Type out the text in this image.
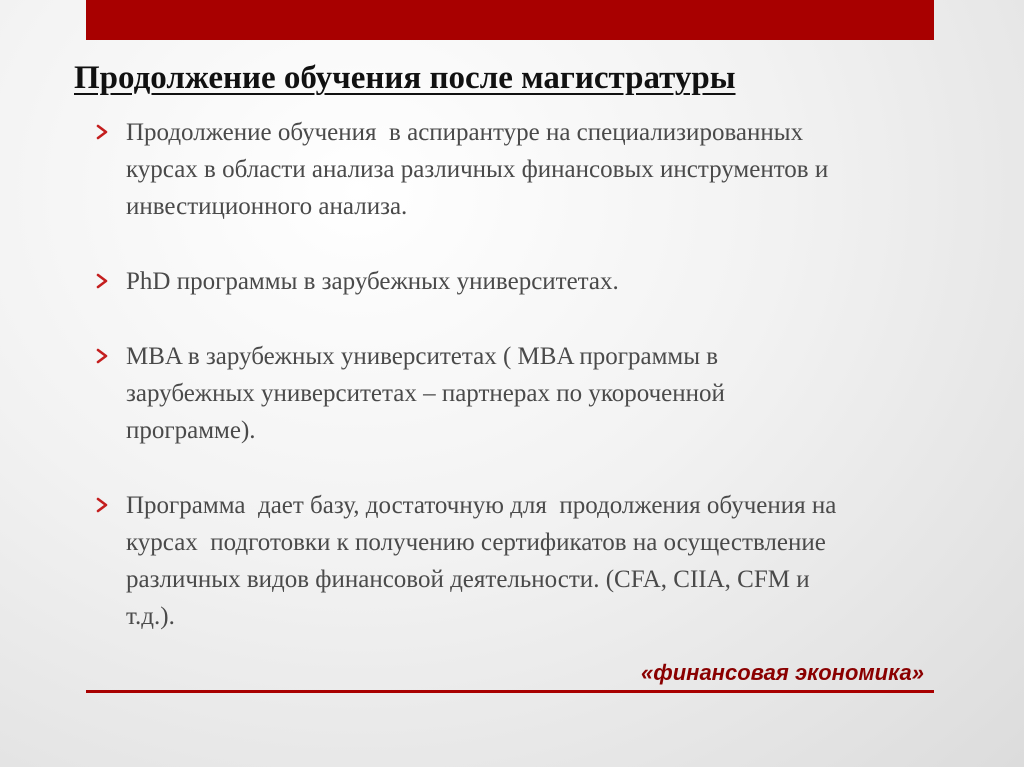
Продолжение обучения после магистратуры
Продолжение обучения  в аспирантуре на специализированных
курсах в области анализа различных финансовых инструментов и
инвестиционного анализа.
PhD программы в зарубежных университетах.
MBA в зарубежных университетах ( MBA программы в
зарубежных университетах – партнерах по укороченной
программе).
Программа  дает базу, достаточную для  продолжения обучения на
курсах  подготовки к получению сертификатов на осуществление
различных видов финансовой деятельности. (CFA, CIIA, CFM и
т.д.).
«финансовая экономика»
